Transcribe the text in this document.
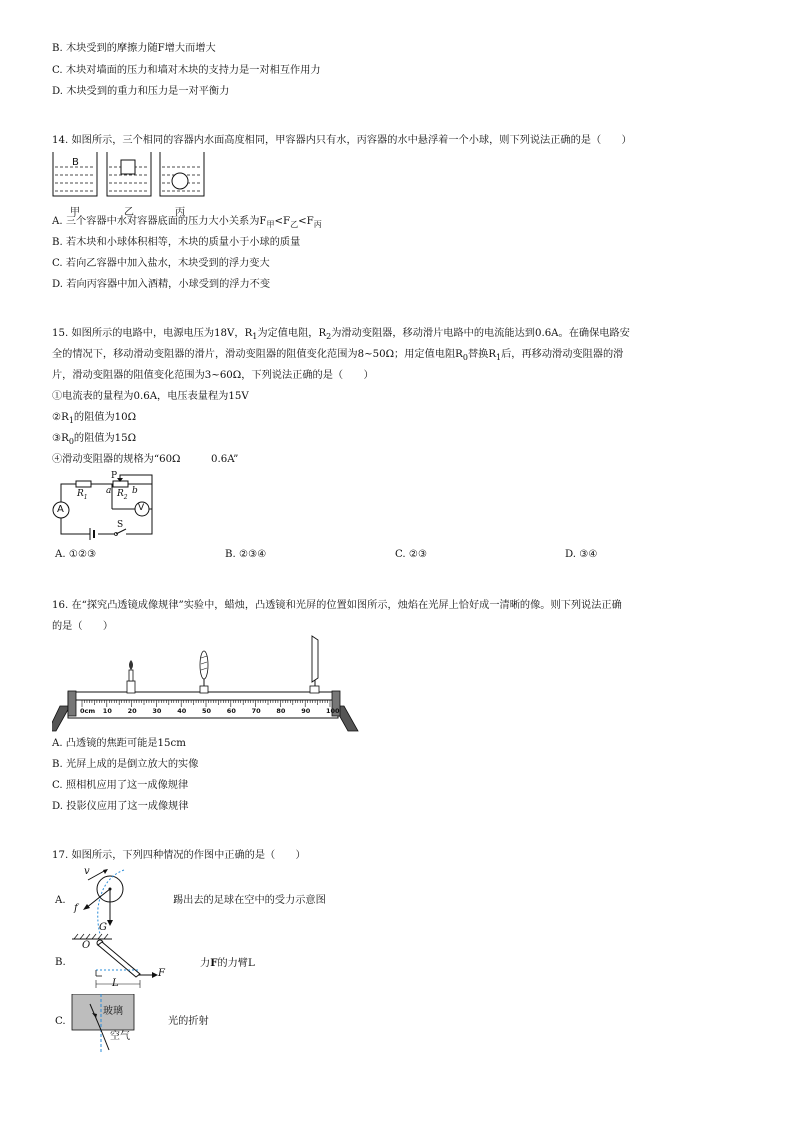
B. 木块受到的摩擦力随F增大而增大
C. 木块对墙面的压力和墙对木块的支持力是一对相互作用力
D. 木块受到的重力和压力是一对平衡力
14. 如图所示，三个相同的容器内水面高度相同，甲容器内只有水，丙容器的水中悬浮着一个小球，则下列说法正确的是（　　）
B
甲	乙	丙
A. 三个容器中水对容器底面的压力大小关系为$F_甲<F_乙<F_丙$
B. 若木块和小球体积相等，木块的质量小于小球的质量
C. 若向乙容器中加入盐水，木块受到的浮力变大
D. 若向丙容器中加入酒精，小球受到的浮力不变
15. 如图所示的电路中，电源电压为18V，$R_1$为定值电阻，$R_2$为滑动变阻器，移动滑片电路中的电流能达到0.6A。在确保电路安
全的情况下，移动滑动变阻器的滑片，滑动变阻器的阻值变化范围为8~50Ω；用定值电阻$R_0$替换$R_1$后，再移动滑动变阻器的滑
片，滑动变阻器的阻值变化范围为3~60Ω，下列说法正确的是（　　）
①电流表的量程为0.6A，电压表量程为15V
$②R_1$的阻值为10Ω
$③R_0$的阻值为15Ω
④滑动变阻器的规格为“60Ω　　　0.6A”
A	V
$R_1$	$R_2$
P
a b
S
A. ①②③	B. ②③④	C. ②③	D. ③④
16. 在“探究凸透镜成像规律”实验中，蜡烛，凸透镜和光屏的位置如图所示，烛焰在光屏上恰好成一清晰的像。则下列说法正确
的是（　　）
0cm 10 20 30 40 50 60 70 80 90 100
A. 凸透镜的焦距可能是15cm
B. 光屏上成的是倒立放大的实像
C. 照相机应用了这一成像规律
D. 投影仪应用了这一成像规律
17. 如图所示，下列四种情况的作图中正确的是（　　）
A.
v
f
G
踢出去的足球在空中的受力示意图
B.
O
F
L
力F的力臂L
C.
玻璃
空气
光的折射
